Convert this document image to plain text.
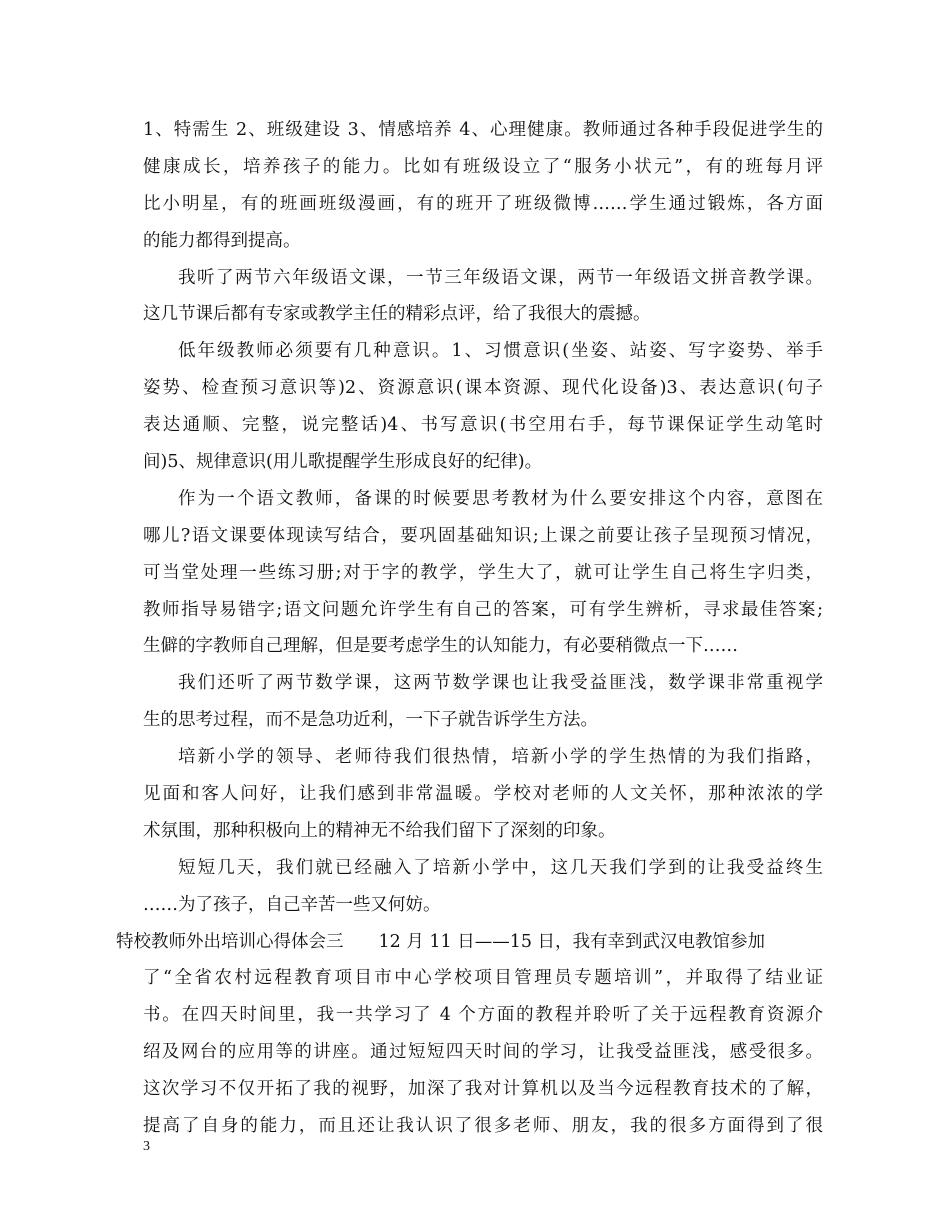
1、特需生 2、班级建设 3、情感培养 4、心理健康。教师通过各种手段促进学生的
健康成长，培养孩子的能力。比如有班级设立了“服务小状元”，有的班每月评
比小明星，有的班画班级漫画，有的班开了班级微博……学生通过锻炼，各方面
的能力都得到提高。
我听了两节六年级语文课，一节三年级语文课，两节一年级语文拼音教学课。
这几节课后都有专家或教学主任的精彩点评，给了我很大的震撼。
低年级教师必须要有几种意识。1、习惯意识(坐姿、站姿、写字姿势、举手
姿势、检查预习意识等)2、资源意识(课本资源、现代化设备)3、表达意识(句子
表达通顺、完整，说完整话)4、书写意识(书空用右手，每节课保证学生动笔时
间)5、规律意识(用儿歌提醒学生形成良好的纪律)。
作为一个语文教师，备课的时候要思考教材为什么要安排这个内容，意图在
哪儿?语文课要体现读写结合，要巩固基础知识;上课之前要让孩子呈现预习情况，
可当堂处理一些练习册;对于字的教学，学生大了，就可让学生自己将生字归类，
教师指导易错字;语文问题允许学生有自己的答案，可有学生辨析，寻求最佳答案;
生僻的字教师自己理解，但是要考虑学生的认知能力，有必要稍微点一下……
我们还听了两节数学课，这两节数学课也让我受益匪浅，数学课非常重视学
生的思考过程，而不是急功近利，一下子就告诉学生方法。
培新小学的领导、老师待我们很热情，培新小学的学生热情的为我们指路，
见面和客人问好，让我们感到非常温暖。学校对老师的人文关怀，那种浓浓的学
术氛围，那种积极向上的精神无不给我们留下了深刻的印象。
短短几天，我们就已经融入了培新小学中，这几天我们学到的让我受益终生
……为了孩子，自己辛苦一些又何妨。
特校教师外出培训心得体会三　　12 月 11 日——15 日，我有幸到武汉电教馆参加
了“全省农村远程教育项目市中心学校项目管理员专题培训”，并取得了结业证
书。在四天时间里，我一共学习了 4 个方面的教程并聆听了关于远程教育资源介
绍及网台的应用等的讲座。通过短短四天时间的学习，让我受益匪浅，感受很多。
这次学习不仅开拓了我的视野，加深了我对计算机以及当今远程教育技术的了解，
提高了自身的能力，而且还让我认识了很多老师、朋友，我的很多方面得到了很
3
